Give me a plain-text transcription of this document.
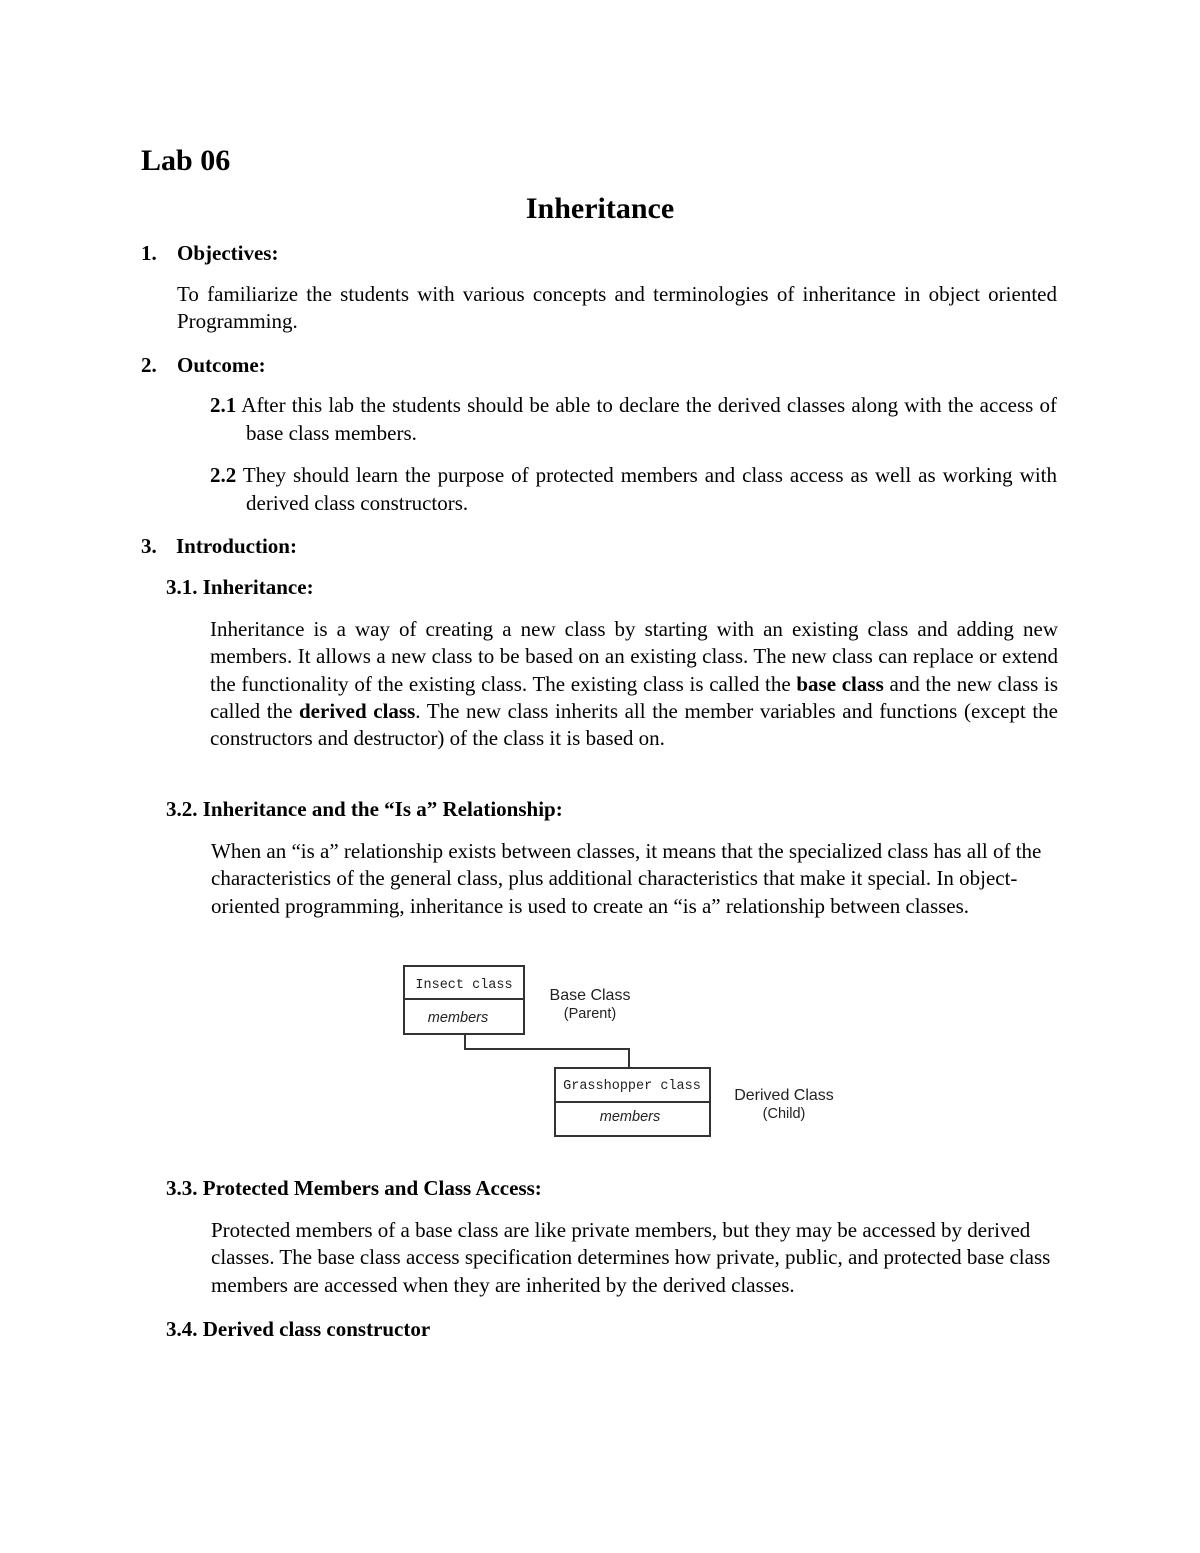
Lab 06
Inheritance
1. Objectives:
To familiarize the students with various concepts and terminologies of inheritance in object oriented Programming.
2. Outcome:
2.1 After this lab the students should be able to declare the derived classes along with the access of base class members.
2.2 They should learn the purpose of protected members and class access as well as working with derived class constructors.
3. Introduction:
3.1. Inheritance:
Inheritance is a way of creating a new class by starting with an existing class and adding new members. It allows a new class to be based on an existing class. The new class can replace or extend the functionality of the existing class. The existing class is called the base class and the new class is called the derived class. The new class inherits all the member variables and functions (except the constructors and destructor) of the class it is based on.
3.2. Inheritance and the “Is a” Relationship:
When an “is a” relationship exists between classes, it means that the specialized class has all of the characteristics of the general class, plus additional characteristics that make it special. In object-oriented programming, inheritance is used to create an “is a” relationship between classes.
Insect class
members
Base Class
(Parent)
Grasshopper class
members
Derived Class
(Child)
3.3. Protected Members and Class Access:
Protected members of a base class are like private members, but they may be accessed by derived classes. The base class access specification determines how private, public, and protected base class members are accessed when they are inherited by the derived classes.
3.4. Derived class constructor
